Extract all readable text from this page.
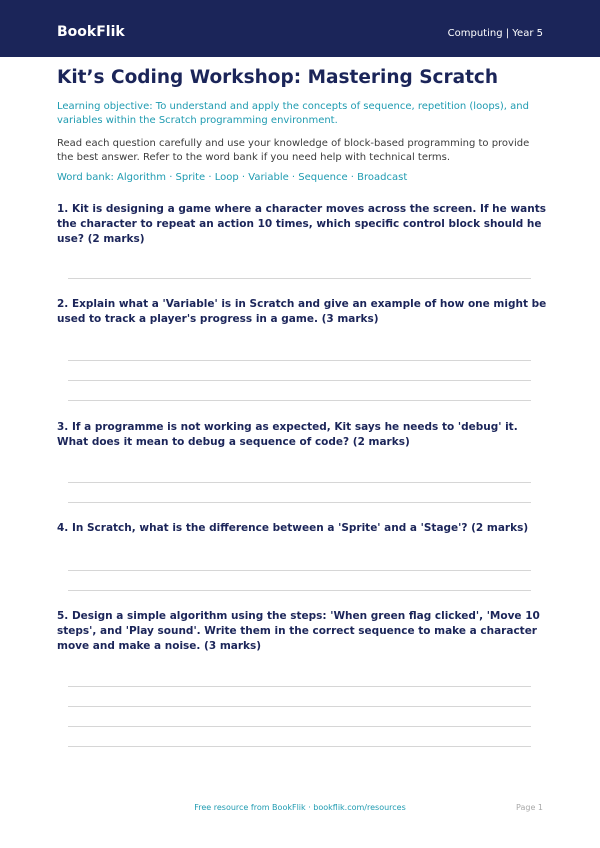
BookFlik	Computing | Year 5
Kit’s Coding Workshop: Mastering Scratch

Learning objective: To understand and apply the concepts of sequence, repetition (loops), and variables within the Scratch programming environment.

Read each question carefully and use your knowledge of block-based programming to provide the best answer. Refer to the word bank if you need help with technical terms.

Word bank: Algorithm · Sprite · Loop · Variable · Sequence · Broadcast

1. Kit is designing a game where a character moves across the screen. If he wants the character to repeat an action 10 times, which specific control block should he use? (2 marks)

2. Explain what a 'Variable' is in Scratch and give an example of how one might be used to track a player's progress in a game. (3 marks)

3. If a programme is not working as expected, Kit says he needs to 'debug' it. What does it mean to debug a sequence of code? (2 marks)

4. In Scratch, what is the difference between a 'Sprite' and a 'Stage'? (2 marks)

5. Design a simple algorithm using the steps: 'When green flag clicked', 'Move 10 steps', and 'Play sound'. Write them in the correct sequence to make a character move and make a noise. (3 marks)

Free resource from BookFlik · bookflik.com/resources	Page 1
